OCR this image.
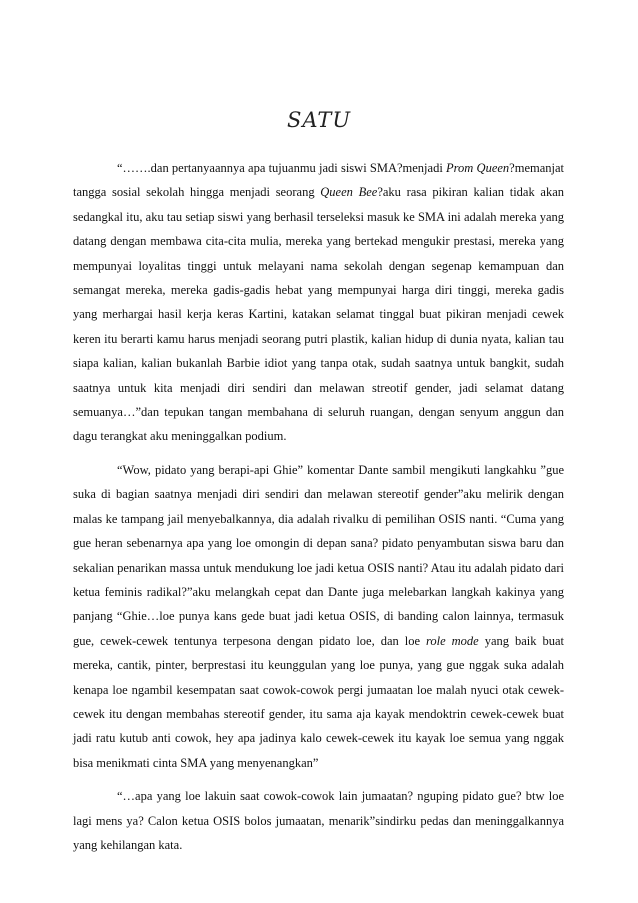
SATU

“…….dan pertanyaannya apa tujuanmu jadi siswi SMA?menjadi Prom Queen?memanjat tangga sosial sekolah hingga menjadi seorang Queen Bee?aku rasa pikiran kalian tidak akan sedangkal itu, aku tau setiap siswi yang berhasil terseleksi masuk ke SMA ini adalah mereka yang datang dengan membawa cita-cita mulia, mereka yang bertekad mengukir prestasi, mereka yang mempunyai loyalitas tinggi untuk melayani nama sekolah dengan segenap kemampuan dan semangat mereka, mereka gadis-gadis hebat yang mempunyai harga diri tinggi, mereka gadis yang merhargai hasil kerja keras Kartini, katakan selamat tinggal buat pikiran menjadi cewek keren itu berarti kamu harus menjadi seorang putri plastik, kalian hidup di dunia nyata, kalian tau siapa kalian, kalian bukanlah Barbie idiot yang tanpa otak, sudah saatnya untuk bangkit, sudah saatnya untuk kita menjadi diri sendiri dan melawan streotif gender, jadi selamat datang semuanya…”dan tepukan tangan membahana di seluruh ruangan, dengan senyum anggun dan dagu terangkat aku meninggalkan podium.

“Wow, pidato yang berapi-api Ghie” komentar Dante sambil mengikuti langkahku ”gue suka di bagian saatnya menjadi diri sendiri dan melawan stereotif gender”aku melirik dengan malas ke tampang jail menyebalkannya, dia adalah rivalku di pemilihan OSIS nanti. “Cuma yang gue heran sebenarnya apa yang loe omongin di depan sana? pidato penyambutan siswa baru dan sekalian penarikan massa untuk mendukung loe jadi ketua OSIS nanti? Atau itu adalah pidato dari ketua feminis radikal?”aku melangkah cepat dan Dante juga melebarkan langkah kakinya yang panjang “Ghie…loe punya kans gede buat jadi ketua OSIS, di banding calon lainnya, termasuk gue, cewek-cewek tentunya terpesona dengan pidato loe, dan loe role mode yang baik buat mereka, cantik, pinter, berprestasi itu keunggulan yang loe punya, yang gue nggak suka adalah kenapa loe ngambil kesempatan saat cowok-cowok pergi jumaatan loe malah nyuci otak cewek-cewek itu dengan membahas stereotif gender, itu sama aja kayak mendoktrin cewek-cewek buat jadi ratu kutub anti cowok, hey apa jadinya kalo cewek-cewek itu kayak loe semua yang nggak bisa menikmati cinta SMA yang menyenangkan”

“…apa yang loe lakuin saat cowok-cowok lain jumaatan? nguping pidato gue? btw loe lagi mens ya? Calon ketua OSIS bolos jumaatan, menarik”sindirku pedas dan meninggalkannya yang kehilangan kata.
